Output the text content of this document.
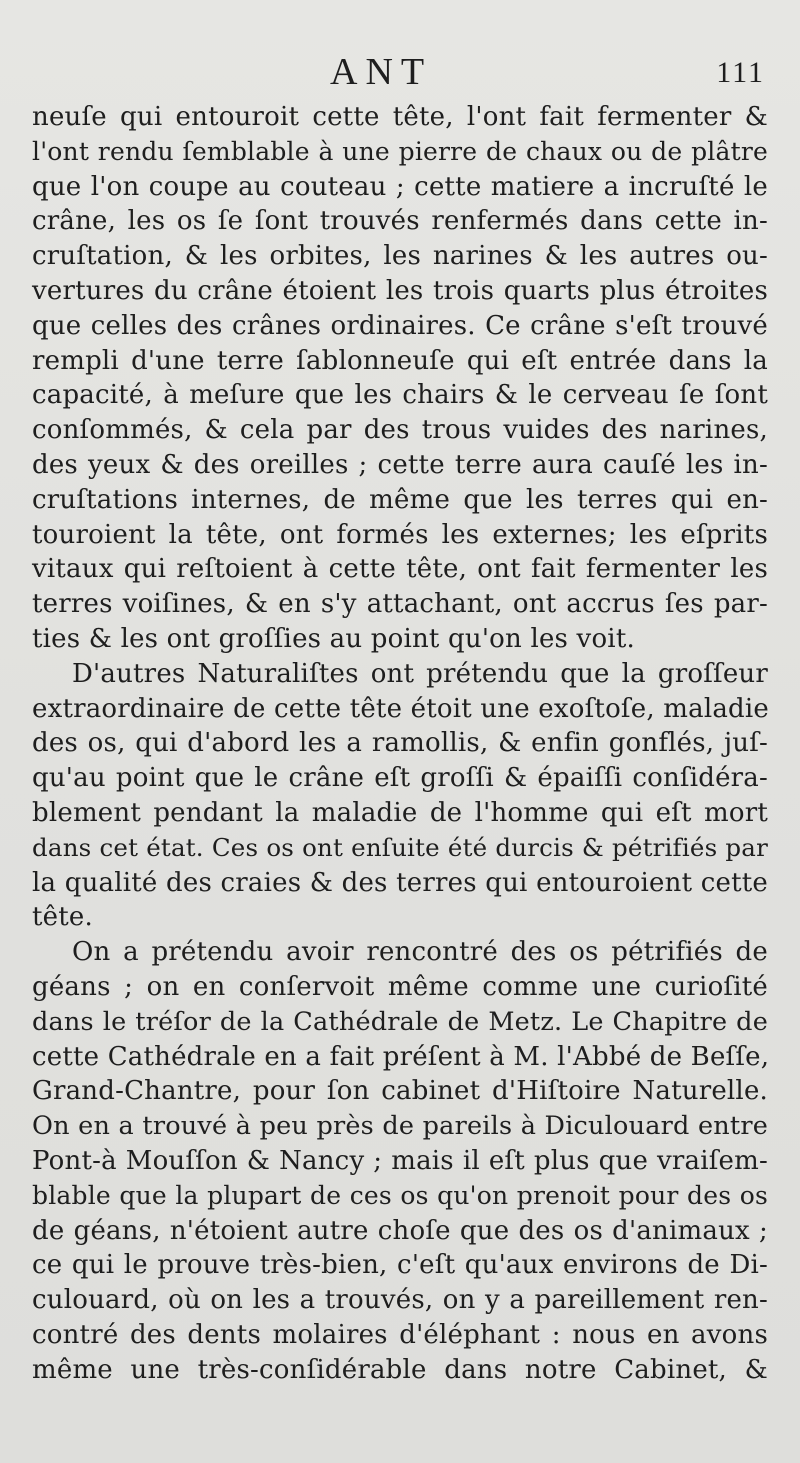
ANT	111
neuſe qui entouroit cette tête, l'ont fait fermenter &
l'ont rendu ſemblable à une pierre de chaux ou de plâtre
que l'on coupe au couteau ; cette matiere a incruſté le
crâne, les os ſe ſont trouvés renfermés dans cette in-
cruſtation, & les orbites, les narines & les autres ou-
vertures du crâne étoient les trois quarts plus étroites
que celles des crânes ordinaires. Ce crâne s'eſt trouvé
rempli d'une terre ſablonneuſe qui eſt entrée dans la
capacité, à meſure que les chairs & le cerveau ſe ſont
conſommés, & cela par des trous vuides des narines,
des yeux & des oreilles ; cette terre aura cauſé les in-
cruſtations internes, de même que les terres qui en-
touroient la tête, ont formés les externes; les eſprits
vitaux qui reſtoient à cette tête, ont fait fermenter les
terres voiſines, & en s'y attachant, ont accrus ſes par-
ties & les ont groſſies au point qu'on les voit.
D'autres Naturaliſtes ont prétendu que la groſſeur
extraordinaire de cette tête étoit une exoſtoſe, maladie
des os, qui d'abord les a ramollis, & enfin gonflés, juſ-
qu'au point que le crâne eſt groſſi & épaiſſi conſidéra-
blement pendant la maladie de l'homme qui eſt mort
dans cet état. Ces os ont enſuite été durcis & pétrifiés par
la qualité des craies & des terres qui entouroient cette
tête.
On a prétendu avoir rencontré des os pétrifiés de
géans ; on en conſervoit même comme une curioſité
dans le tréſor de la Cathédrale de Metz. Le Chapitre de
cette Cathédrale en a fait préſent à M. l'Abbé de Beſſe,
Grand-Chantre, pour ſon cabinet d'Hiſtoire Naturelle.
On en a trouvé à peu près de pareils à Diculouard entre
Pont-à Mouſſon & Nancy ; mais il eſt plus que vraiſem-
blable que la plupart de ces os qu'on prenoit pour des os
de géans, n'étoient autre choſe que des os d'animaux ;
ce qui le prouve très-bien, c'eſt qu'aux environs de Di-
culouard, où on les a trouvés, on y a pareillement ren-
contré des dents molaires d'éléphant : nous en avons
même une très-conſidérable dans notre Cabinet, &
